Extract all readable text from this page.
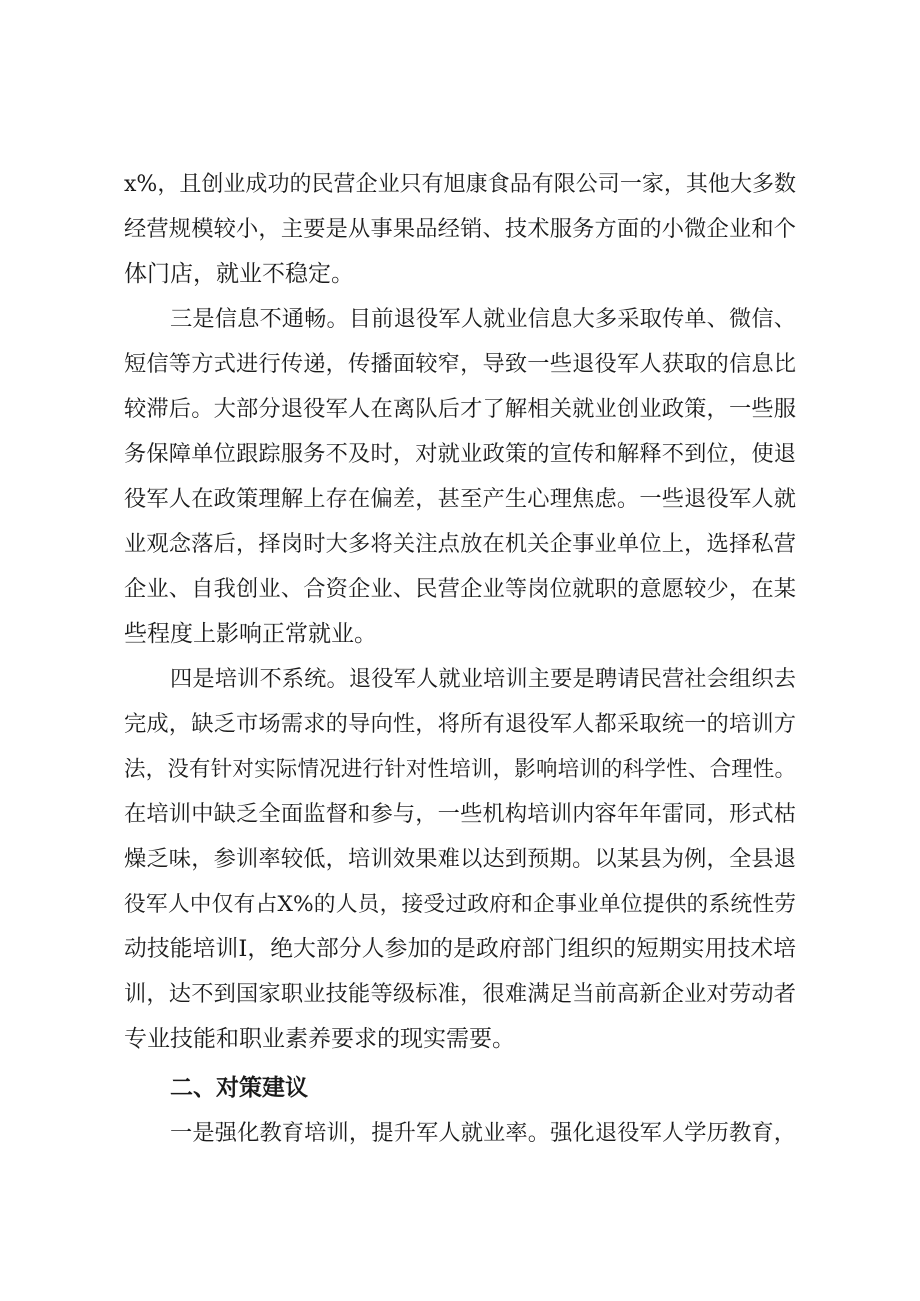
x%，且创业成功的民营企业只有旭康食品有限公司一家，其他大多数
经营规模较小，主要是从事果品经销、技术服务方面的小微企业和个
体门店，就业不稳定。
三是信息不通畅。目前退役军人就业信息大多采取传单、微信、
短信等方式进行传递，传播面较窄，导致一些退役军人获取的信息比
较滞后。大部分退役军人在离队后才了解相关就业创业政策，一些服
务保障单位跟踪服务不及时，对就业政策的宣传和解释不到位，使退
役军人在政策理解上存在偏差，甚至产生心理焦虑。一些退役军人就
业观念落后，择岗时大多将关注点放在机关企事业单位上，选择私营
企业、自我创业、合资企业、民营企业等岗位就职的意愿较少，在某
些程度上影响正常就业。
四是培训不系统。退役军人就业培训主要是聘请民营社会组织去
完成，缺乏市场需求的导向性，将所有退役军人都采取统一的培训方
法，没有针对实际情况进行针对性培训，影响培训的科学性、合理性。
在培训中缺乏全面监督和参与，一些机构培训内容年年雷同，形式枯
燥乏味，参训率较低，培训效果难以达到预期。以某县为例，全县退
役军人中仅有占X%的人员，接受过政府和企事业单位提供的系统性劳
动技能培训I，绝大部分人参加的是政府部门组织的短期实用技术培
训，达不到国家职业技能等级标准，很难满足当前高新企业对劳动者
专业技能和职业素养要求的现实需要。
二、对策建议
一是强化教育培训，提升军人就业率。强化退役军人学历教育，
